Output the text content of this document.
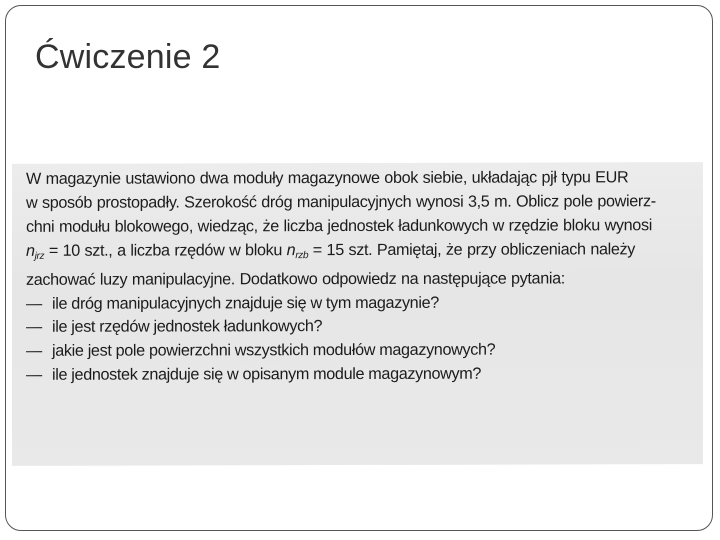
Ćwiczenie 2
W magazynie ustawiono dwa moduły magazynowe obok siebie, układając pjł typu EUR
w sposób prostopadły. Szerokość dróg manipulacyjnych wynosi 3,5 m. Oblicz pole powierz-
chni modułu blokowego, wiedząc, że liczba jednostek ładunkowych w rzędzie bloku wynosi
$n_{jrz} = 10$ szt., a liczba rzędów w bloku $n_{rzb} = 15$ szt. Pamiętaj, że przy obliczeniach należy
zachować luzy manipulacyjne. Dodatkowo odpowiedz na następujące pytania:
— ile dróg manipulacyjnych znajduje się w tym magazynie?
— ile jest rzędów jednostek ładunkowych?
— jakie jest pole powierzchni wszystkich modułów magazynowych?
— ile jednostek znajduje się w opisanym module magazynowym?
